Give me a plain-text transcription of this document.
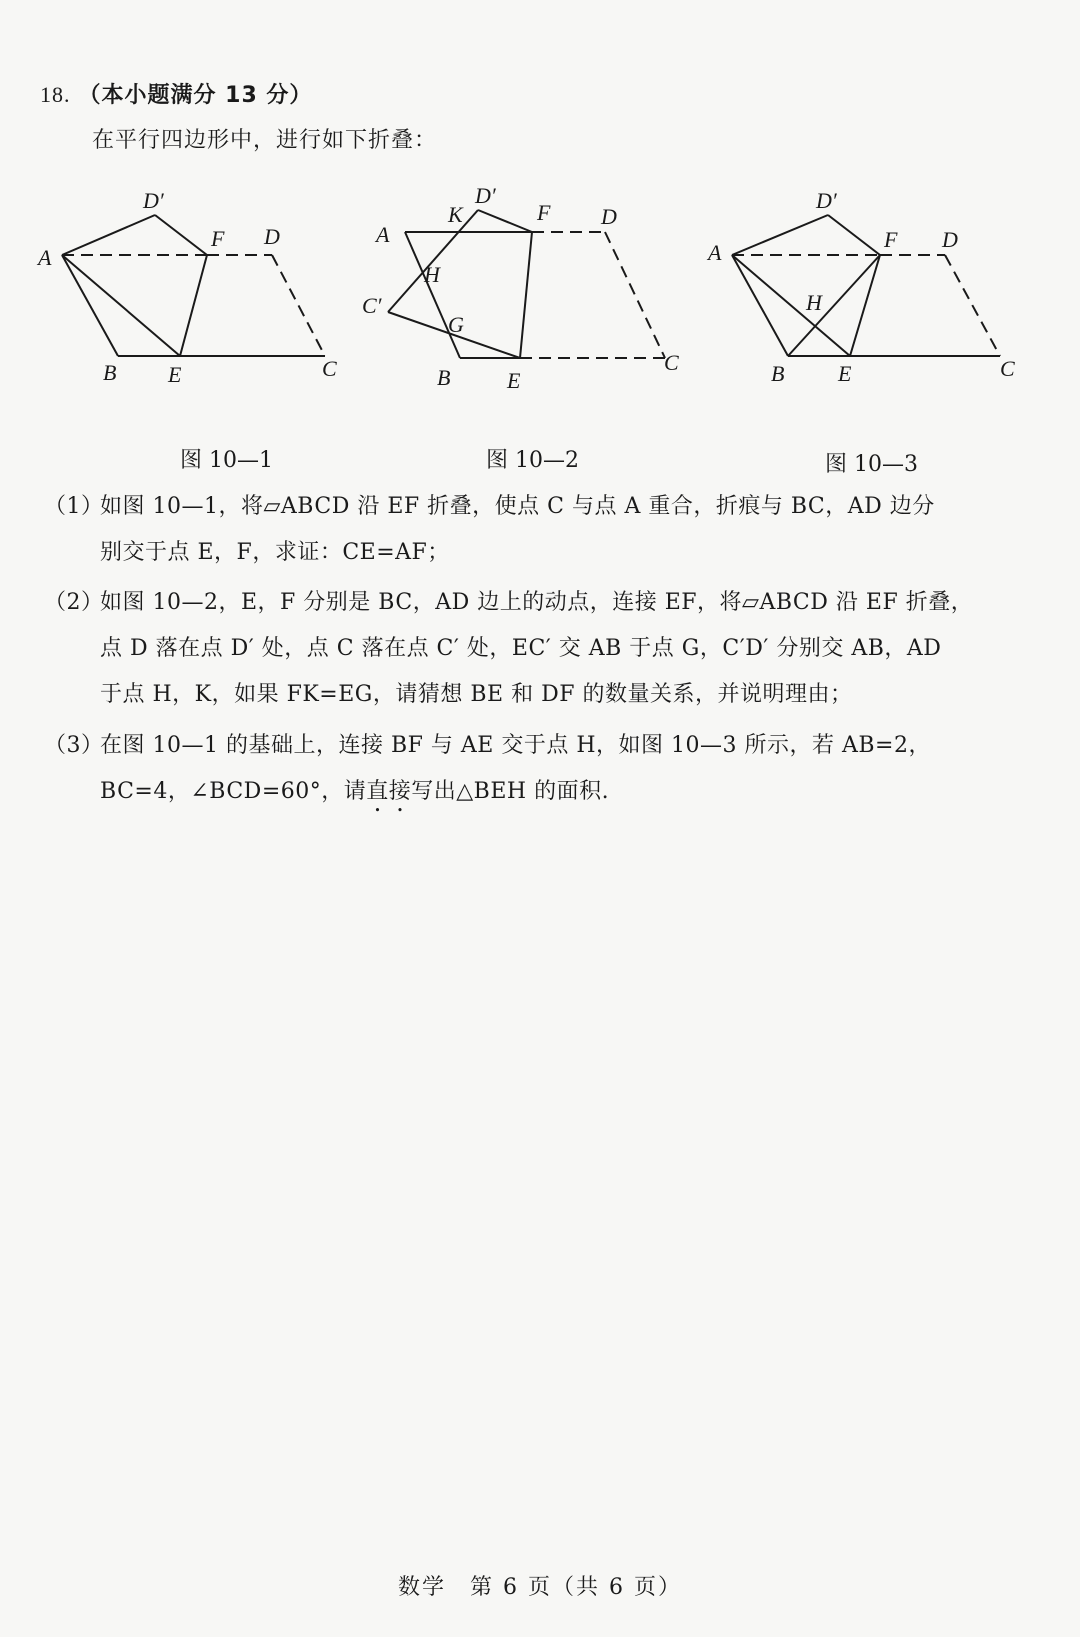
18. （本小题满分 13 分）
在平行四边形中，进行如下折叠：
A
B E	C
F D
D′
A
B	E
C
F D
D′
K
H
C′
G
A
B E	C
F D
D′
H
图 10—1	图 10—2	图 10—3
（1）如图 10—1，将▱ABCD 沿 EF 折叠，使点 C 与点 A 重合，折痕与 BC，AD 边分
别交于点 E，F，求证：CE=AF；
（2）如图 10—2，E，F 分别是 BC，AD 边上的动点，连接 EF，将▱ABCD 沿 EF 折叠，
点 D 落在点 D′ 处，点 C 落在点 C′ 处，EC′ 交 AB 于点 G，C′D′ 分别交 AB，AD
于点 H，K，如果 FK=EG，请猜想 BE 和 DF 的数量关系，并说明理由；
（3）在图 10—1 的基础上，连接 BF 与 AE 交于点 H，如图 10—3 所示，若 AB=2，
BC=4，∠BCD=60°，请直接写出△BEH 的面积.
数学　第 6 页（共 6 页）
